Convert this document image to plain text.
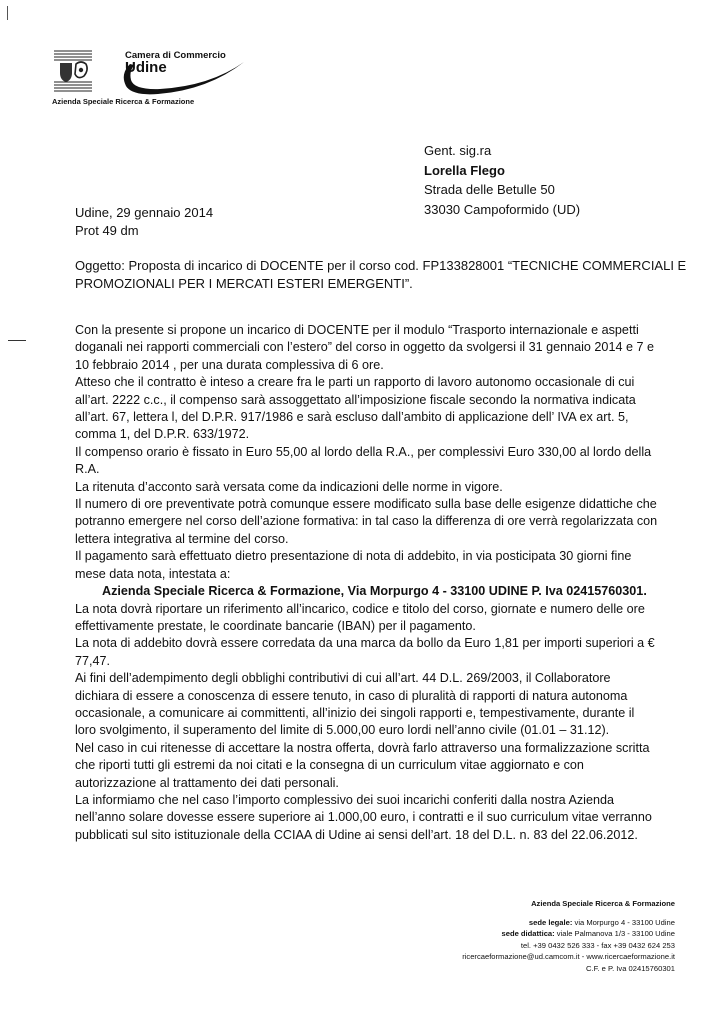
Camera di Commercio
Udine
Azienda Speciale Ricerca & Formazione
Gent. sig.ra
Lorella Flego
Strada delle Betulle 50
33030 Campoformido (UD)
Udine, 29 gennaio 2014
Prot 49 dm
Oggetto: Proposta di incarico di DOCENTE per il corso cod. FP133828001 “TECNICHE COMMERCIALI E
PROMOZIONALI PER I MERCATI ESTERI EMERGENTI”.
Con la presente si propone un incarico di DOCENTE per il modulo “Trasporto internazionale e aspetti
doganali nei rapporti commerciali con l’estero” del corso in oggetto da svolgersi il 31 gennaio 2014 e 7 e
10 febbraio 2014 , per una durata complessiva di 6 ore.
Atteso che il contratto è inteso a creare fra le parti un rapporto di lavoro autonomo occasionale di cui
all’art. 2222 c.c., il compenso sarà assoggettato all’imposizione fiscale secondo la normativa indicata
all’art. 67, lettera l, del D.P.R. 917/1986 e sarà escluso dall’ambito di applicazione dell’ IVA ex art. 5,
comma 1, del D.P.R. 633/1972.
Il compenso orario è fissato in Euro 55,00 al lordo della R.A., per complessivi Euro 330,00 al lordo della
R.A.
La ritenuta d’acconto sarà versata come da indicazioni delle norme in vigore.
Il numero di ore preventivate potrà comunque essere modificato sulla base delle esigenze didattiche che
potranno emergere nel corso dell’azione formativa: in tal caso la differenza di ore verrà regolarizzata con
lettera integrativa al termine del corso.
Il pagamento sarà effettuato dietro presentazione di nota di addebito, in via posticipata 30 giorni fine
mese data nota, intestata a:
Azienda Speciale Ricerca & Formazione, Via Morpurgo 4 - 33100 UDINE P. Iva 02415760301.
La nota dovrà riportare un riferimento all’incarico, codice e titolo del corso, giornate e numero delle ore
effettivamente prestate, le coordinate bancarie (IBAN) per il pagamento.
La nota di addebito dovrà essere corredata da una marca da bollo da Euro 1,81 per importi superiori a €
77,47.
Ai fini dell’adempimento degli obblighi contributivi di cui all’art. 44 D.L. 269/2003, il Collaboratore
dichiara di essere a conoscenza di essere tenuto, in caso di pluralità di rapporti di natura autonoma
occasionale, a comunicare ai committenti, all’inizio dei singoli rapporti e, tempestivamente, durante il
loro svolgimento, il superamento del limite di 5.000,00 euro lordi nell’anno civile (01.01 – 31.12).
Nel caso in cui ritenesse di accettare la nostra offerta, dovrà farlo attraverso una formalizzazione scritta
che riporti tutti gli estremi da noi citati e la consegna di un curriculum vitae aggiornato e con
autorizzazione al trattamento dei dati personali.
La informiamo che nel caso l’importo complessivo dei suoi incarichi conferiti dalla nostra Azienda
nell’anno solare dovesse essere superiore ai 1.000,00 euro, i contratti e il suo curriculum vitae verranno
pubblicati sul sito istituzionale della CCIAA di Udine ai sensi dell’art. 18 del D.L. n. 83 del 22.06.2012.
Azienda Speciale Ricerca & Formazione
sede legale: via Morpurgo 4 - 33100 Udine
sede didattica: viale Palmanova 1/3 - 33100 Udine
tel. +39 0432 526 333 - fax +39 0432 624 253
ricercaeformazione@ud.camcom.it - www.ricercaeformazione.it
C.F. e P. Iva 02415760301
